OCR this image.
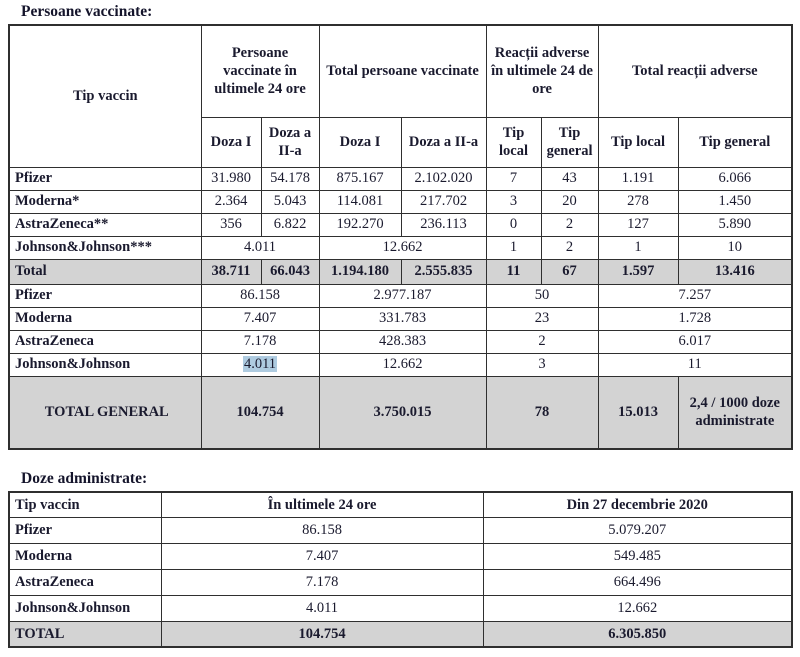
Persoane vaccinate:
Tip vaccin	Persoane vaccinate în ultimele 24 ore		Total persoane vaccinate		Reacții adverse în ultimele 24 de ore		Total reacții adverse	
	Doza I	Doza a II-a	Doza I	Doza a II-a	Tip local	Tip general	Tip local	Tip general
Pfizer	31.980	54.178	875.167	2.102.020	7	43	1.191	6.066
Moderna*	2.364	5.043	114.081	217.702	3	20	278	1.450
AstraZeneca**	356	6.822	192.270	236.113	0	2	127	5.890
Johnson&Johnson***	4.011		12.662		1	2	1	10
Total	38.711	66.043	1.194.180	2.555.835	11	67	1.597	13.416
Pfizer	86.158		2.977.187		50		7.257	
Moderna	7.407		331.783		23		1.728	
AstraZeneca	7.178		428.383		2		6.017	
Johnson&Johnson	4.011		12.662		3		11	
TOTAL GENERAL	104.754		3.750.015		78		15.013	2,4 / 1000 doze administrate
Doze administrate:
Tip vaccin	În ultimele 24 ore	Din 27 decembrie 2020
Pfizer	86.158	5.079.207
Moderna	7.407	549.485
AstraZeneca	7.178	664.496
Johnson&Johnson	4.011	12.662
TOTAL	104.754	6.305.850
